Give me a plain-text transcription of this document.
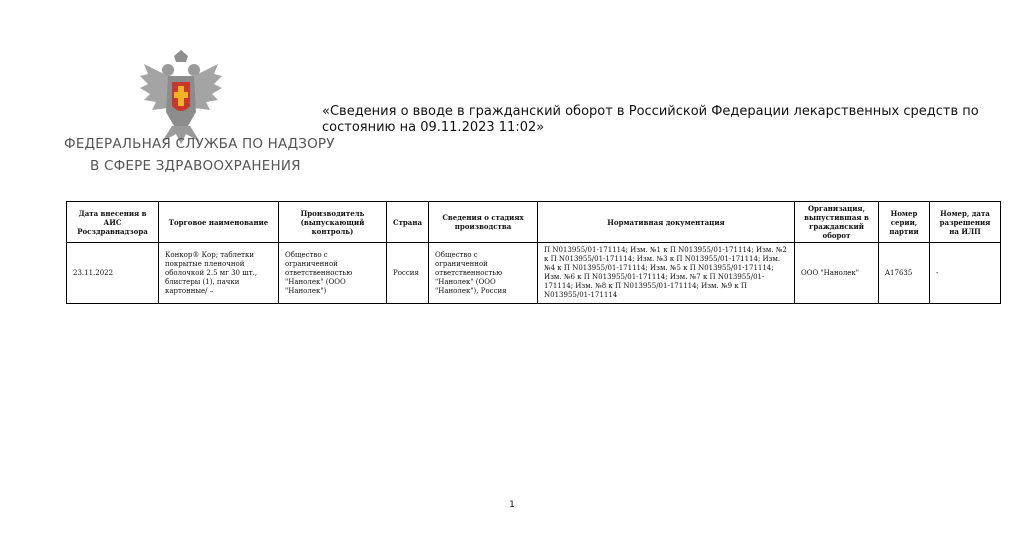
ФЕДЕРАЛЬНАЯ СЛУЖБА ПО НАДЗОРУ
В СФЕРЕ ЗДРАВООХРАНЕНИЯ
«Сведения о вводе в гражданский оборот в Российской Федерации лекарственных средств по состоянию на 09.11.2023 11:02»
Дата внесения в АИС Росздравнадзора	Торговое наименование	Производитель (выпускающий контроль)	Страна	Сведения о стадиях производства	Нормативная документация	Организация, выпустившая в гражданский оборот	Номер серии, партии	Номер, дата разрешения на ИЛП
23.11.2022	Конкор® Кор; таблетки покрытые пленочной оболочкой 2.5 мг 30 шт., блистеры (1), пачки картонные/ –	Общество с ограниченной ответственностью "Нанолек" (ООО "Нанолек")	Россия	Общество с ограниченной ответственностью "Нанолек" (ООО "Нанолек"), Россия	П N013955/01-171114; Изм. №1 к П N013955/01-171114; Изм. №2 к П N013955/01-171114; Изм. №3 к П N013955/01-171114; Изм. №4 к П N013955/01-171114; Изм. №5 к П N013955/01-171114; Изм. №6 к П N013955/01-171114; Изм. №7 к П N013955/01-171114; Изм. №8 к П N013955/01-171114; Изм. №9 к П N013955/01-171114	ООО "Нанолек"	A17635	-
1
